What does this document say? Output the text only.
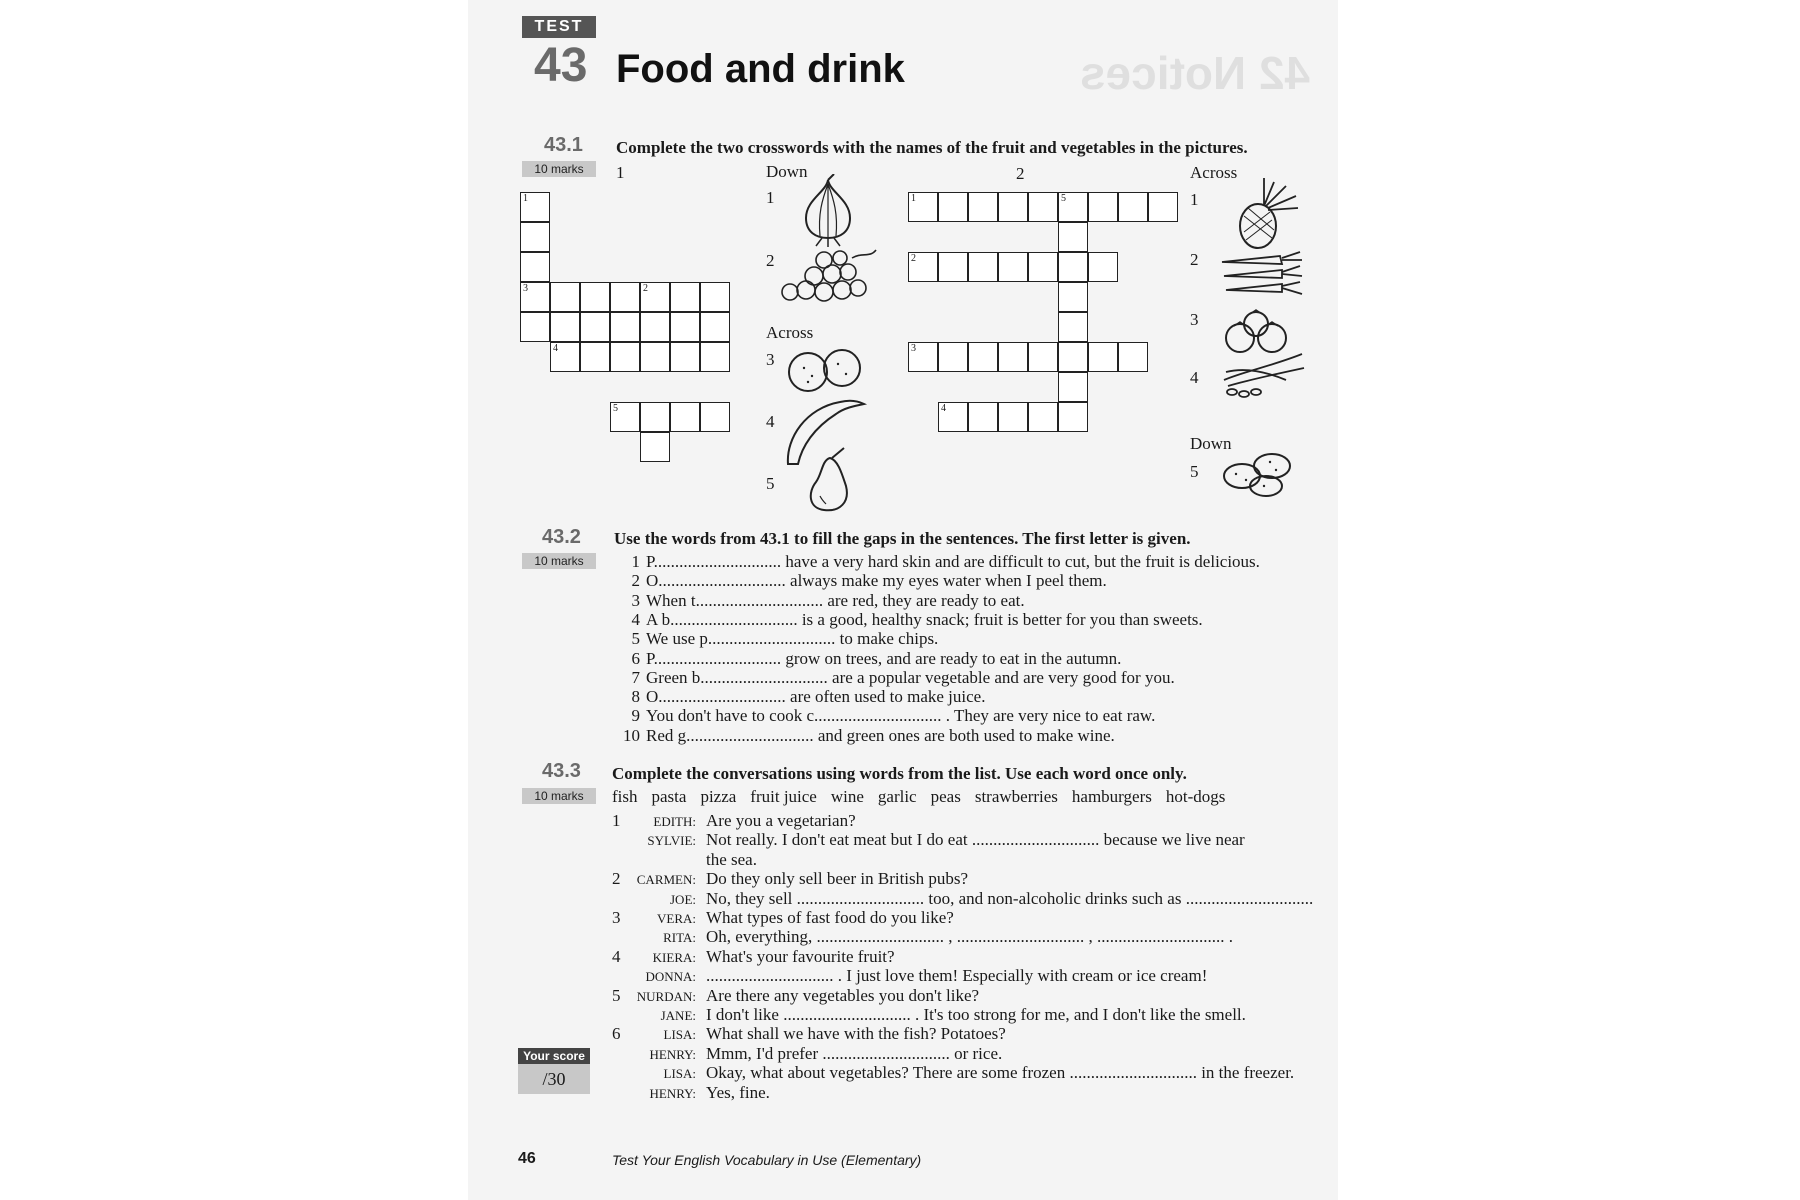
42 Notices
TEST
43 Food and drink
43.1
10 marks
Complete the two crosswords with the names of the fruit and vegetables in the pictures.
1	Down
Across
2	Across
Down
1
2
3
4
5
1
2
3
4
5
1
3	2
4
5
1	5
2
3
4
43.2
10 marks
Use the words from 43.1 to fill the gaps in the sentences. The first letter is given.
1 P.............................. have a very hard skin and are difficult to cut, but the fruit is delicious.
2 O.............................. always make my eyes water when I peel them.
3 When t.............................. are red, they are ready to eat.
4 A b.............................. is a good, healthy snack; fruit is better for you than sweets.
5 We use p.............................. to make chips.
6 P.............................. grow on trees, and are ready to eat in the autumn.
7 Green b.............................. are a popular vegetable and are very good for you.
8 O.............................. are often used to make juice.
9 You don't have to cook c.............................. . They are very nice to eat raw.
10 Red g.............................. and green ones are both used to make wine.
43.3
10 marks
Complete the conversations using words from the list. Use each word once only.
fish pasta pizza fruit juice wine garlic peas strawberries hamburgers hot-dogs
1	EDITH: Are you a vegetarian?
SYLVIE: Not really. I don't eat meat but I do eat .............................. because we live near
the sea.
2	CARMEN: Do they only sell beer in British pubs?
JOE: No, they sell .............................. too, and non-alcoholic drinks such as ..............................
3	VERA: What types of fast food do you like?
RITA: Oh, everything, .............................. , .............................. , .............................. .
4	KIERA: What's your favourite fruit?
DONNA: .............................. . I just love them! Especially with cream or ice cream!
5	NURDAN: Are there any vegetables you don't like?
JANE: I don't like .............................. . It's too strong for me, and I don't like the smell.
6	LISA: What shall we have with the fish? Potatoes?
HENRY: Mmm, I'd prefer .............................. or rice.
LISA: Okay, what about vegetables? There are some frozen .............................. in the freezer.
HENRY: Yes, fine.
Your score
/30
46	Test Your English Vocabulary in Use (Elementary)
